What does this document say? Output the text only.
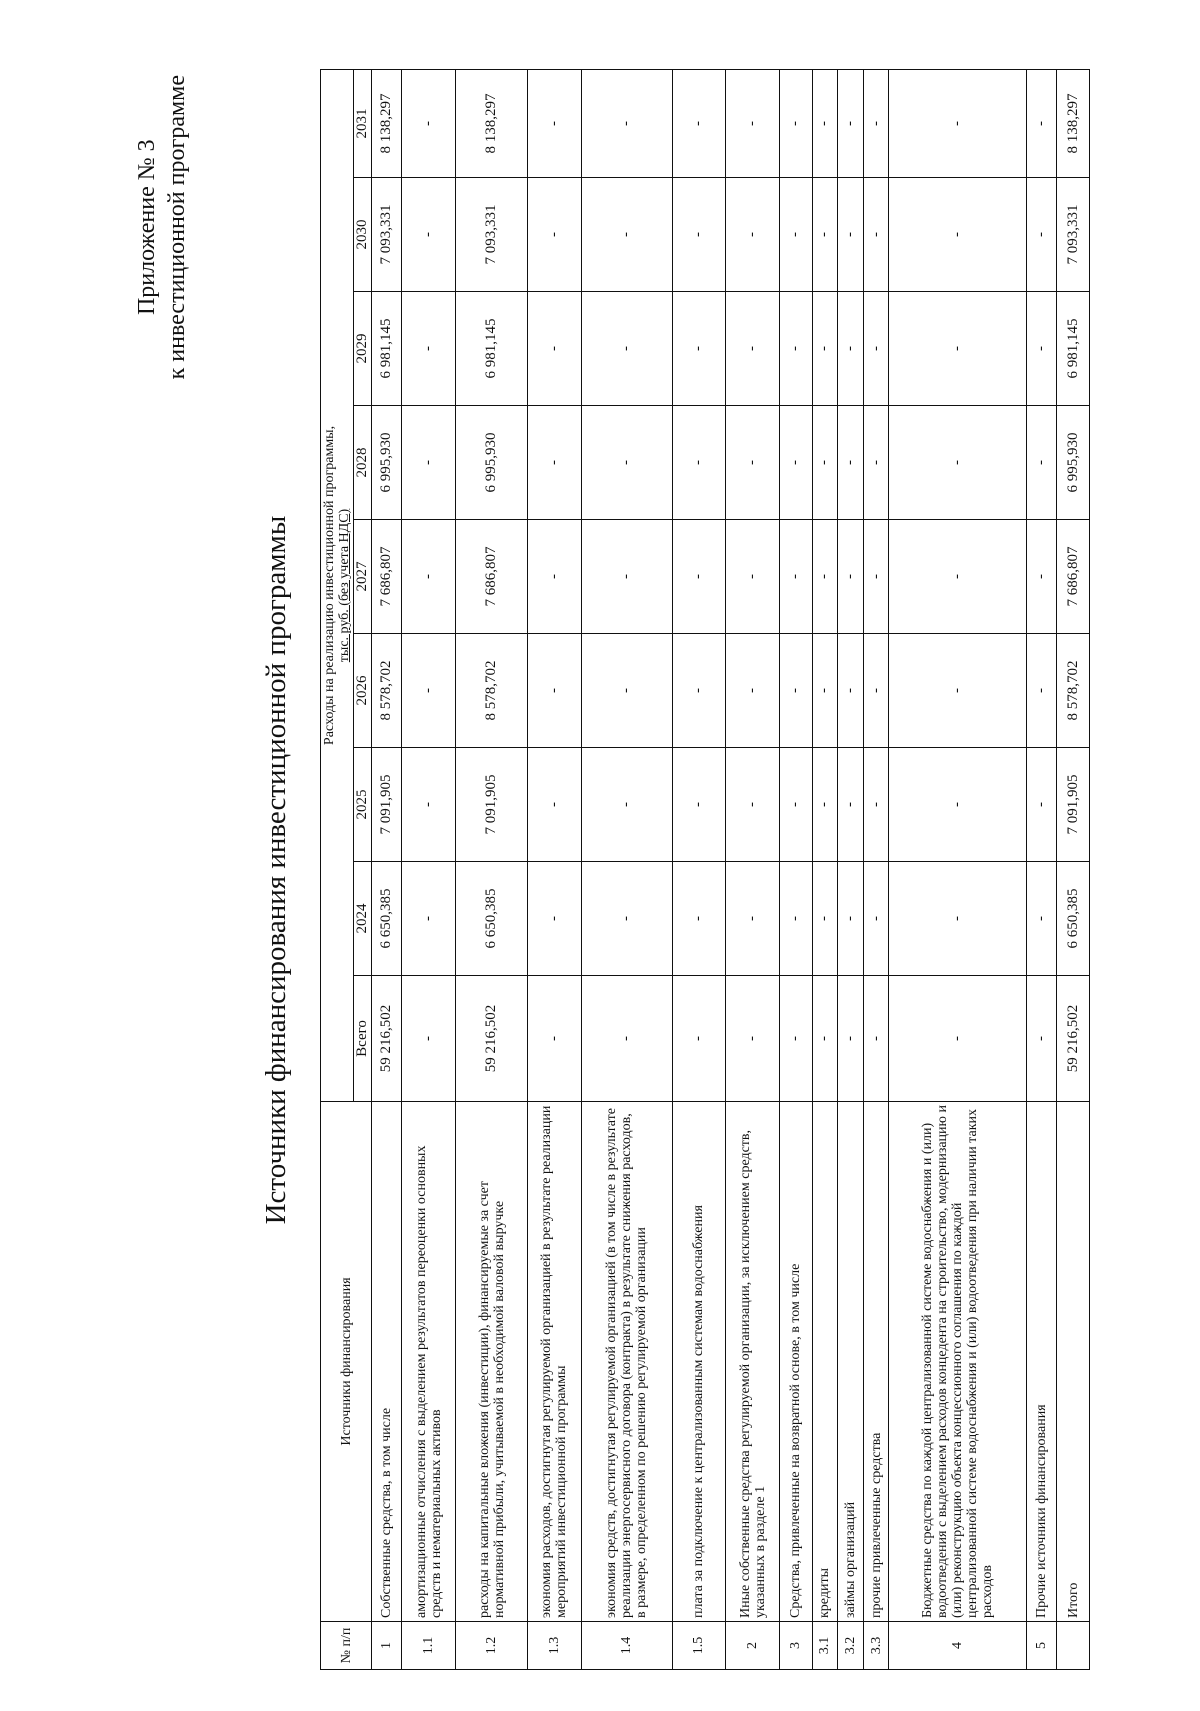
Приложение № 3 к инвестиционной программе
Источники финансирования инвестиционной программы
№ п/п	Источники финансирования	Расходы на реализацию инвестиционной программы, тыс. руб. (без учета НДС)								

		Всего	2024	2025	2026	2027	2028	2029	2030	2031
1	Собственные средства, в том числе	59 216,502	6 650,385	7 091,905	8 578,702	7 686,807	6 995,930	6 981,145	7 093,331	8 138,297
1.1	амортизационные отчисления с выделением результатов переоценки основных средств и нематериальных активов	-	-	-	-	-	-	-	-	-
1.2	расходы на капитальные вложения (инвестиции), финансируемые за счет нормативной прибыли, учитываемой в необходимой валовой выручке	59 216,502	6 650,385	7 091,905	8 578,702	7 686,807	6 995,930	6 981,145	7 093,331	8 138,297
1.3	экономия расходов, достигнутая регулируемой организацией в результате реализации мероприятий инвестиционной программы	-	-	-	-	-	-	-	-	-
1.4	экономия средств, достигнутая регулируемой организацией (в том числе в результате реализации энергосервисного договора (контракта) в результате снижения расходов, в размере, определенном по решению регулируемой организации	-	-	-	-	-	-	-	-	-
1.5	плата за подключение к централизованным системам водоснабжения	-	-	-	-	-	-	-	-	-
2	Иные собственные средства регулируемой организации, за исключением средств, указанных в разделе 1	-	-	-	-	-	-	-	-	-
3	Средства, привлеченные на возвратной основе, в том числе	-	-	-	-	-	-	-	-	-
3.1	кредиты	-	-	-	-	-	-	-	-	-
3.2	займы организаций	-	-	-	-	-	-	-	-	-
3.3	прочие привлеченные средства	-	-	-	-	-	-	-	-	-
4	Бюджетные средства по каждой централизованной системе водоснабжения и (или) водоотведения с выделением расходов концедента на строительство, модернизацию и (или) реконструкцию объекта концессионного соглашения по каждой централизованной системе водоснабжения и (или) водоотведения при наличии таких расходов	-	-	-	-	-	-	-	-	-
5	Прочие источники финансирования	-	-	-	-	-	-	-	-	-
	Итого	59 216,502	6 650,385	7 091,905	8 578,702	7 686,807	6 995,930	6 981,145	7 093,331	8 138,297
